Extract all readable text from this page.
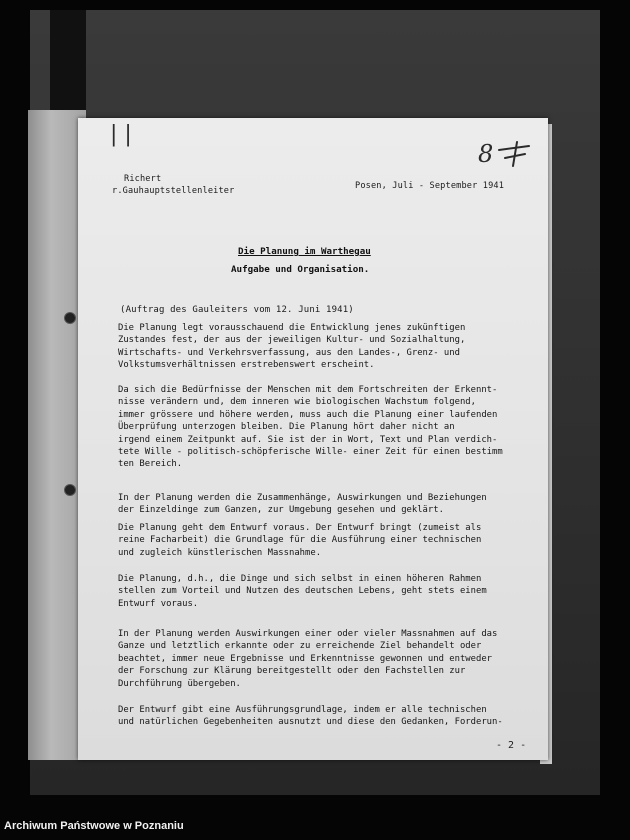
| |
Richert
r.Gauhauptstellenleiter	Posen, Juli - September 1941
8
Die Planung im Warthegau
Aufgabe und Organisation.
(Auftrag des Gauleiters vom 12. Juni 1941)
Die Planung legt vorausschauend die Entwicklung jenes zukünftigen
Zustandes fest, der aus der jeweiligen Kultur- und Sozialhaltung,
Wirtschafts- und Verkehrsverfassung, aus den Landes-, Grenz- und
Volkstumsverhältnissen erstrebenswert erscheint.
Da sich die Bedürfnisse der Menschen mit dem Fortschreiten der Erkennt-
nisse verändern und, dem inneren wie biologischen Wachstum folgend,
immer grössere und höhere werden, muss auch die Planung einer laufenden
Überprüfung unterzogen bleiben. Die Planung hört daher nicht an
irgend einem Zeitpunkt auf. Sie ist der in Wort, Text und Plan verdich-
tete Wille - politisch-schöpferische Wille- einer Zeit für einen bestimm
ten Bereich.
In der Planung werden die Zusammenhänge, Auswirkungen und Beziehungen
der Einzeldinge zum Ganzen, zur Umgebung gesehen und geklärt.
Die Planung geht dem Entwurf voraus. Der Entwurf bringt (zumeist als
reine Facharbeit) die Grundlage für die Ausführung einer technischen
und zugleich künstlerischen Massnahme.
Die Planung, d.h., die Dinge und sich selbst in einen höheren Rahmen
stellen zum Vorteil und Nutzen des deutschen Lebens, geht stets einem
Entwurf voraus.
In der Planung werden Auswirkungen einer oder vieler Massnahmen auf das
Ganze und letztlich erkannte oder zu erreichende Ziel behandelt oder
beachtet, immer neue Ergebnisse und Erkenntnisse gewonnen und entweder
der Forschung zur Klärung bereitgestellt oder den Fachstellen zur
Durchführung übergeben.
Der Entwurf gibt eine Ausführungsgrundlage, indem er alle technischen
und natürlichen Gegebenheiten ausnutzt und diese den Gedanken, Forderun-
- 2 -
Archiwum Państwowe w Poznaniu
